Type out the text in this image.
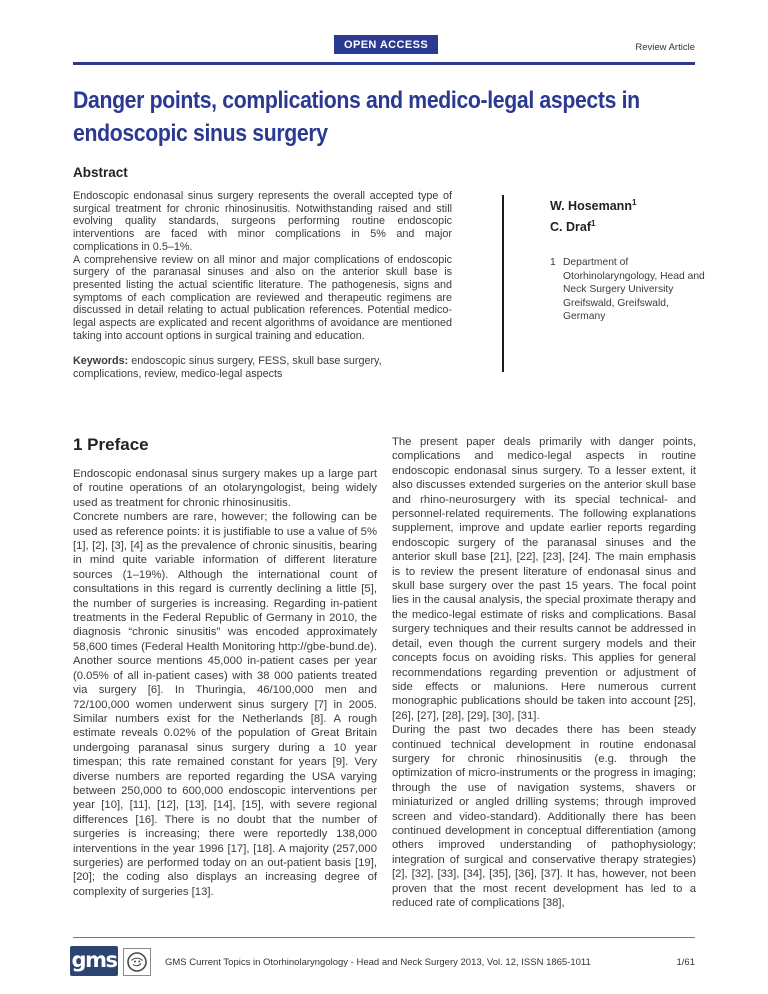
OPEN ACCESS	Review Article
Danger points, complications and medico-legal aspects in endoscopic sinus surgery
Abstract

Endoscopic endonasal sinus surgery represents the overall accepted type of surgical treatment for chronic rhinosinusitis. Notwithstanding raised and still evolving quality standards, surgeons performing routine endoscopic interventions are faced with minor complications in 5% and major complications in 0.5–1%.

A comprehensive review on all minor and major complications of endoscopic surgery of the paranasal sinuses and also on the anterior skull base is presented listing the actual scientific literature. The pathogenesis, signs and symptoms of each complication are reviewed and therapeutic regimens are discussed in detail relating to actual publication references. Potential medico-legal aspects are explicated and recent algorithms of avoidance are mentioned taking into account options in surgical training and education.

Keywords: endoscopic sinus surgery, FESS, skull base surgery, complications, review, medico-legal aspects

W. Hosemann$^1$
C. Draf$^1$
1 Department of Otorhinolaryngology, Head and Neck Surgery University Greifswald, Greifswald, Germany
1 Preface

Endoscopic endonasal sinus surgery makes up a large part of routine operations of an otolaryngologist, being widely used as treatment for chronic rhinosinusitis.

Concrete numbers are rare, however; the following can be used as reference points: it is justifiable to use a value of 5% [1], [2], [3], [4] as the prevalence of chronic sinusitis, bearing in mind quite variable information of different literature sources (1–19%). Although the international count of consultations in this regard is currently declining a little [5], the number of surgeries is increasing. Regarding in-patient treatments in the Federal Republic of Germany in 2010, the diagnosis “chronic sinusitis” was encoded approximately 58,600 times (Federal Health Monitoring http://gbe-bund.de). Another source mentions 45,000 in-patient cases per year (0.05% of all in-patient cases) with 38 000 patients treated via surgery [6]. In Thuringia, 46/100,000 men and 72/100,000 women underwent sinus surgery [7] in 2005. Similar numbers exist for the Netherlands [8]. A rough estimate reveals 0.02% of the population of Great Britain undergoing paranasal sinus surgery during a 10 year timespan; this rate remained constant for years [9]. Very diverse numbers are reported regarding the USA varying between 250,000 to 600,000 endoscopic interventions per year [10], [11], [12], [13], [14], [15], with severe regional differences [16]. There is no doubt that the number of surgeries is increasing; there were reportedly 138,000 interventions in the year 1996 [17], [18]. A majority (257,000 surgeries) are performed today on an out-patient basis [19], [20]; the coding also displays an increasing degree of complexity of surgeries [13].

The present paper deals primarily with danger points, complications and medico-legal aspects in routine endoscopic endonasal sinus surgery. To a lesser extent, it also discusses extended surgeries on the anterior skull base and rhino-neurosurgery with its special technical- and personnel-related requirements. The following explanations supplement, improve and update earlier reports regarding endoscopic surgery of the paranasal sinuses and the anterior skull base [21], [22], [23], [24]. The main emphasis is to review the present literature of endonasal sinus and skull base surgery over the past 15 years. The focal point lies in the causal analysis, the special proximate therapy and the medico-legal estimate of risks and complications. Basal surgery techniques and their results cannot be addressed in detail, even though the current surgery models and their concepts focus on avoiding risks. This applies for general recommendations regarding prevention or adjustment of side effects or malunions. Here numerous current monographic publications should be taken into account [25], [26], [27], [28], [29], [30], [31].

During the past two decades there has been steady continued technical development in routine endonasal surgery for chronic rhinosinusitis (e.g. through the optimization of micro-instruments or the progress in imaging; through the use of navigation systems, shavers or miniaturized or angled drilling systems; through improved screen and video-standard). Additionally there has been continued development in conceptual differentiation (among others improved understanding of pathophysiology; integration of surgical and conservative therapy strategies) [2], [32], [33], [34], [35], [36], [37]. It has, however, not been proven that the most recent development has led to a reduced rate of complications [38],

gms	GMS Current Topics in Otorhinolaryngology - Head and Neck Surgery 2013, Vol. 12, ISSN 1865-1011	1/61
